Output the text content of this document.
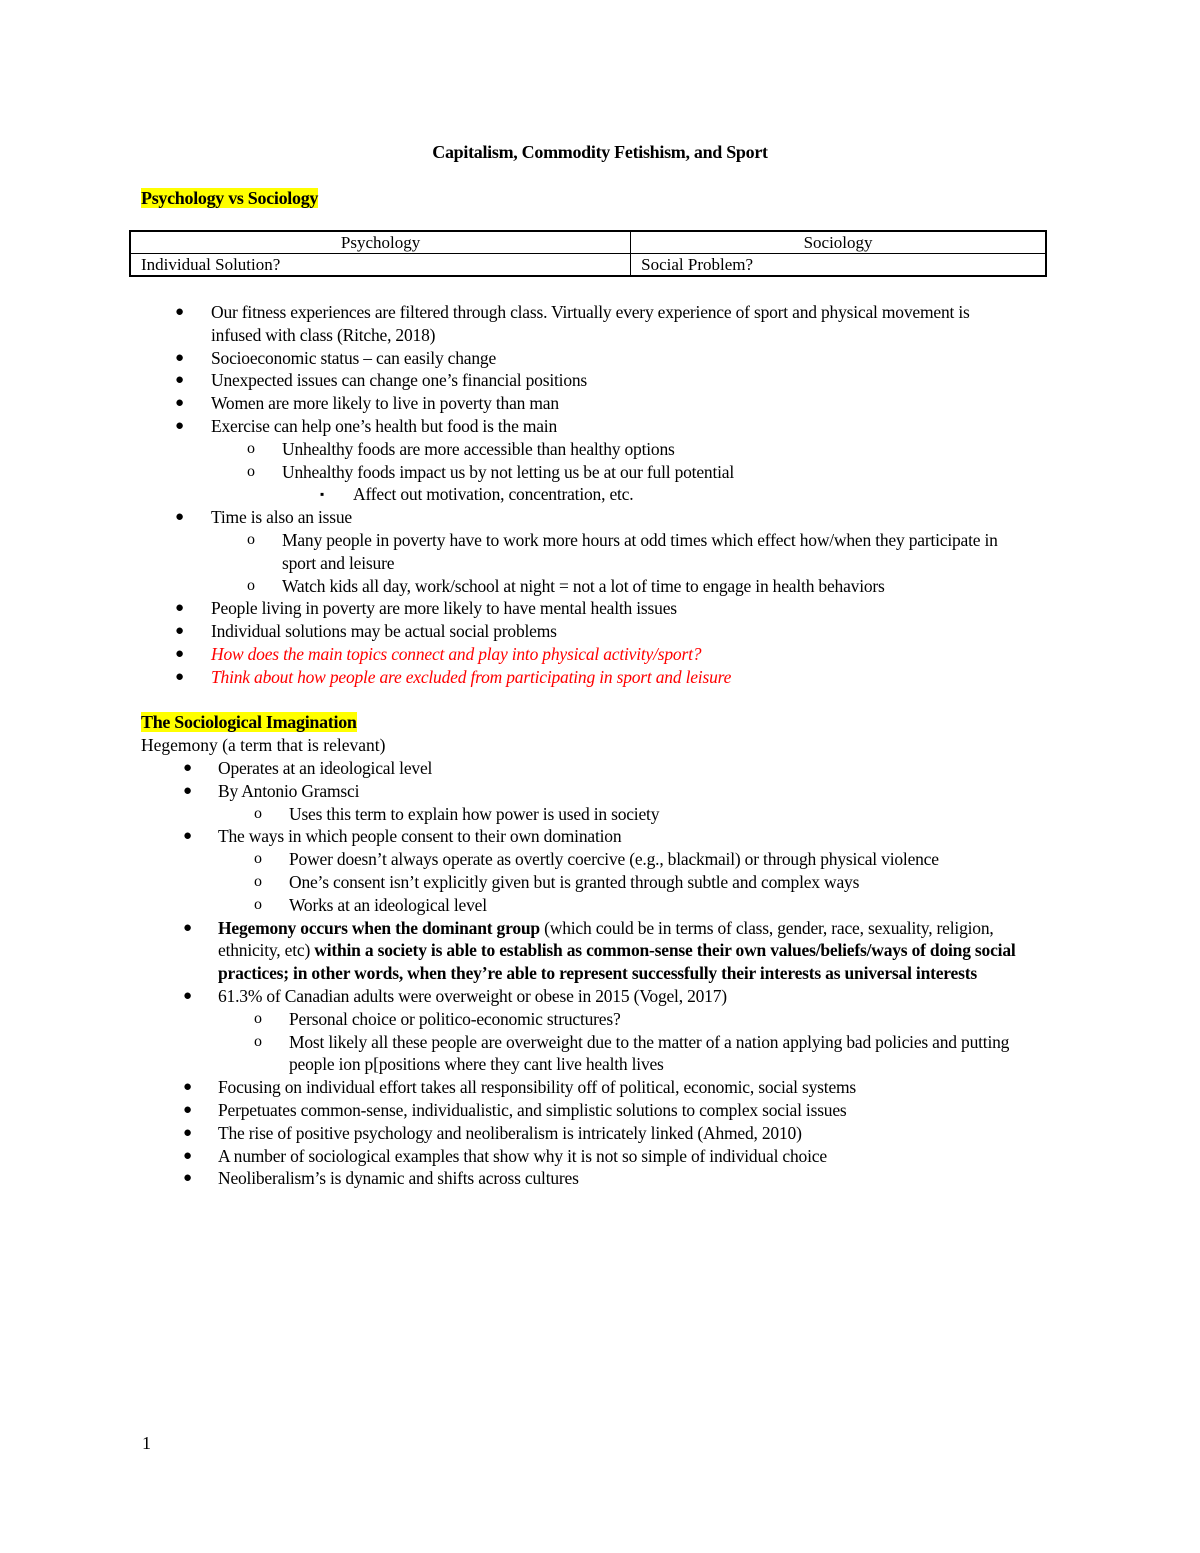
Capitalism, Commodity Fetishism, and Sport
Psychology vs Sociology
Psychology	Sociology
Individual Solution?	Social Problem?
● Our fitness experiences are filtered through class. Virtually every experience of sport and physical movement is infused with class (Ritche, 2018)
● Socioeconomic status – can easily change
● Unexpected issues can change one’s financial positions
● Women are more likely to live in poverty than man
● Exercise can help one’s health but food is the main
o Unhealthy foods are more accessible than healthy options
o Unhealthy foods impact us by not letting us be at our full potential
▪ Affect out motivation, concentration, etc.
● Time is also an issue
o Many people in poverty have to work more hours at odd times which effect how/when they participate in sport and leisure
o Watch kids all day, work/school at night = not a lot of time to engage in health behaviors
● People living in poverty are more likely to have mental health issues
● Individual solutions may be actual social problems
● How does the main topics connect and play into physical activity/sport?
● Think about how people are excluded from participating in sport and leisure
The Sociological Imagination
Hegemony (a term that is relevant)
● Operates at an ideological level
● By Antonio Gramsci
o Uses this term to explain how power is used in society
● The ways in which people consent to their own domination
o Power doesn’t always operate as overtly coercive (e.g., blackmail) or through physical violence
o One’s consent isn’t explicitly given but is granted through subtle and complex ways
o Works at an ideological level
● Hegemony occurs when the dominant group (which could be in terms of class, gender, race, sexuality, religion, ethnicity, etc) within a society is able to establish as common-sense their own values/beliefs/ways of doing social practices; in other words, when they’re able to represent successfully their interests as universal interests
● 61.3% of Canadian adults were overweight or obese in 2015 (Vogel, 2017)
o Personal choice or politico-economic structures?
o Most likely all these people are overweight due to the matter of a nation applying bad policies and putting people ion p[positions where they cant live health lives
● Focusing on individual effort takes all responsibility off of political, economic, social systems
● Perpetuates common-sense, individualistic, and simplistic solutions to complex social issues
● The rise of positive psychology and neoliberalism is intricately linked (Ahmed, 2010)
● A number of sociological examples that show why it is not so simple of individual choice
● Neoliberalism’s is dynamic and shifts across cultures
1
